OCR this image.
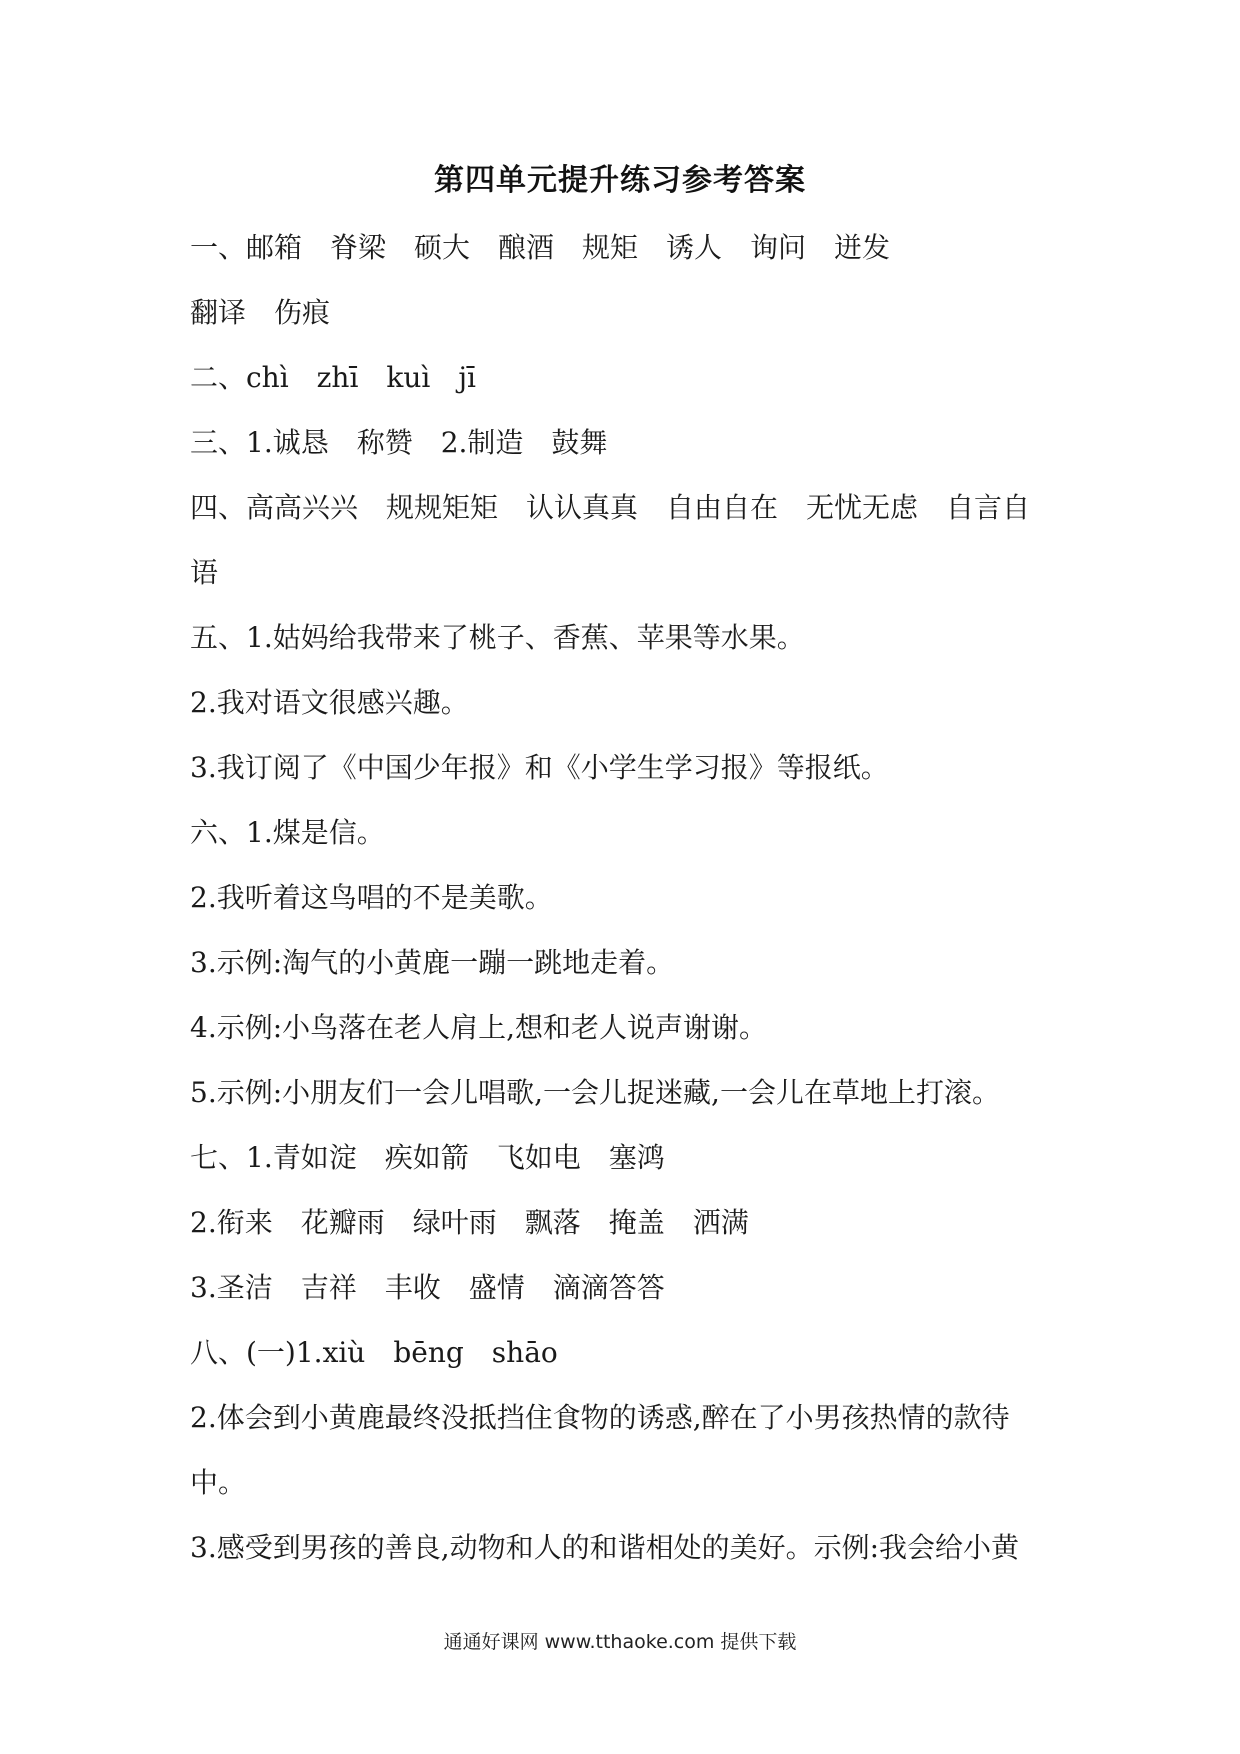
第四单元提升练习参考答案
一、邮箱　脊梁　硕大　酿酒　规矩　诱人　询问　迸发
翻译　伤痕
二、chì　zhī　kuì　jī
三、1.诚恳　称赞　2.制造　鼓舞
四、高高兴兴　规规矩矩　认认真真　自由自在　无忧无虑　自言自
语
五、1.姑妈给我带来了桃子、香蕉、苹果等水果。
2.我对语文很感兴趣。
3.我订阅了《中国少年报》和《小学生学习报》等报纸。
六、1.煤是信。
2.我听着这鸟唱的不是美歌。
3.示例:淘气的小黄鹿一蹦一跳地走着。
4.示例:小鸟落在老人肩上,想和老人说声谢谢。
5.示例:小朋友们一会儿唱歌,一会儿捉迷藏,一会儿在草地上打滚。
七、1.青如淀　疾如箭　飞如电　塞鸿
2.衔来　花瓣雨　绿叶雨　飘落　掩盖　洒满
3.圣洁　吉祥　丰收　盛情　滴滴答答
八、(一)1.xiù　bēng　shāo
2.体会到小黄鹿最终没抵挡住食物的诱惑,醉在了小男孩热情的款待
中。
3.感受到男孩的善良,动物和人的和谐相处的美好。示例:我会给小黄
通通好课网 www.tthaoke.com 提供下载
